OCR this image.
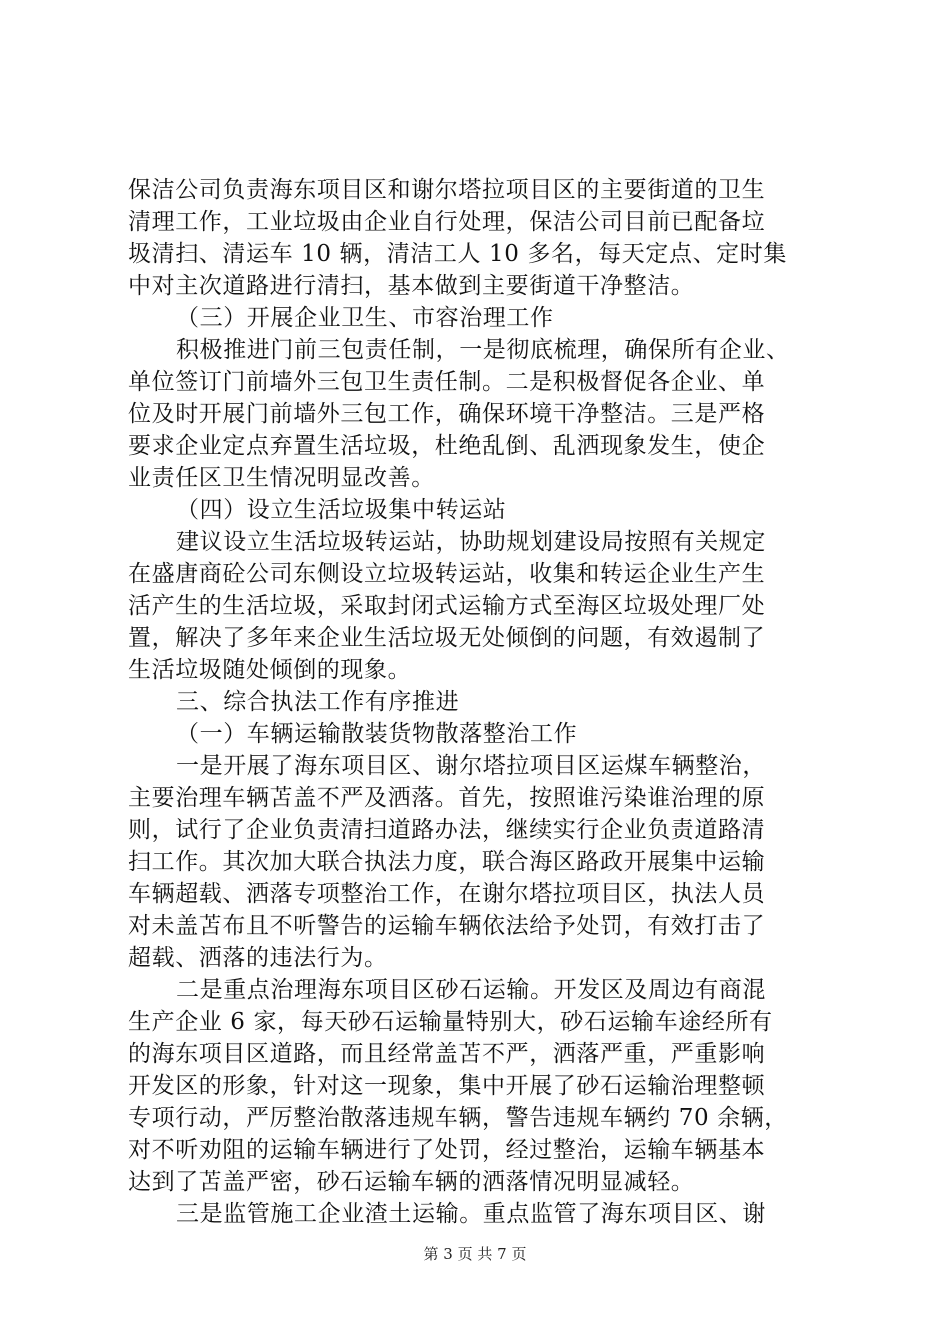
保洁公司负责海东项目区和谢尔塔拉项目区的主要街道的卫生
清理工作，工业垃圾由企业自行处理，保洁公司目前已配备垃
圾清扫、清运车 10 辆，清洁工人 10 多名，每天定点、定时集
中对主次道路进行清扫，基本做到主要街道干净整洁。
（三）开展企业卫生、市容治理工作
积极推进门前三包责任制，一是彻底梳理，确保所有企业、
单位签订门前墙外三包卫生责任制。二是积极督促各企业、单
位及时开展门前墙外三包工作，确保环境干净整洁。三是严格
要求企业定点弃置生活垃圾，杜绝乱倒、乱洒现象发生，使企
业责任区卫生情况明显改善。
（四）设立生活垃圾集中转运站
建议设立生活垃圾转运站，协助规划建设局按照有关规定
在盛唐商砼公司东侧设立垃圾转运站，收集和转运企业生产生
活产生的生活垃圾，采取封闭式运输方式至海区垃圾处理厂处
置，解决了多年来企业生活垃圾无处倾倒的问题，有效遏制了
生活垃圾随处倾倒的现象。
三、综合执法工作有序推进
（一）车辆运输散装货物散落整治工作
一是开展了海东项目区、谢尔塔拉项目区运煤车辆整治，
主要治理车辆苫盖不严及洒落。首先，按照谁污染谁治理的原
则，试行了企业负责清扫道路办法，继续实行企业负责道路清
扫工作。其次加大联合执法力度，联合海区路政开展集中运输
车辆超载、洒落专项整治工作，在谢尔塔拉项目区，执法人员
对未盖苫布且不听警告的运输车辆依法给予处罚，有效打击了
超载、洒落的违法行为。
二是重点治理海东项目区砂石运输。开发区及周边有商混
生产企业 6 家，每天砂石运输量特别大，砂石运输车途经所有
的海东项目区道路，而且经常盖苫不严，洒落严重，严重影响
开发区的形象，针对这一现象，集中开展了砂石运输治理整顿
专项行动，严厉整治散落违规车辆，警告违规车辆约 70 余辆，
对不听劝阻的运输车辆进行了处罚，经过整治，运输车辆基本
达到了苫盖严密，砂石运输车辆的洒落情况明显减轻。
三是监管施工企业渣土运输。重点监管了海东项目区、谢
第 3 页 共 7 页
